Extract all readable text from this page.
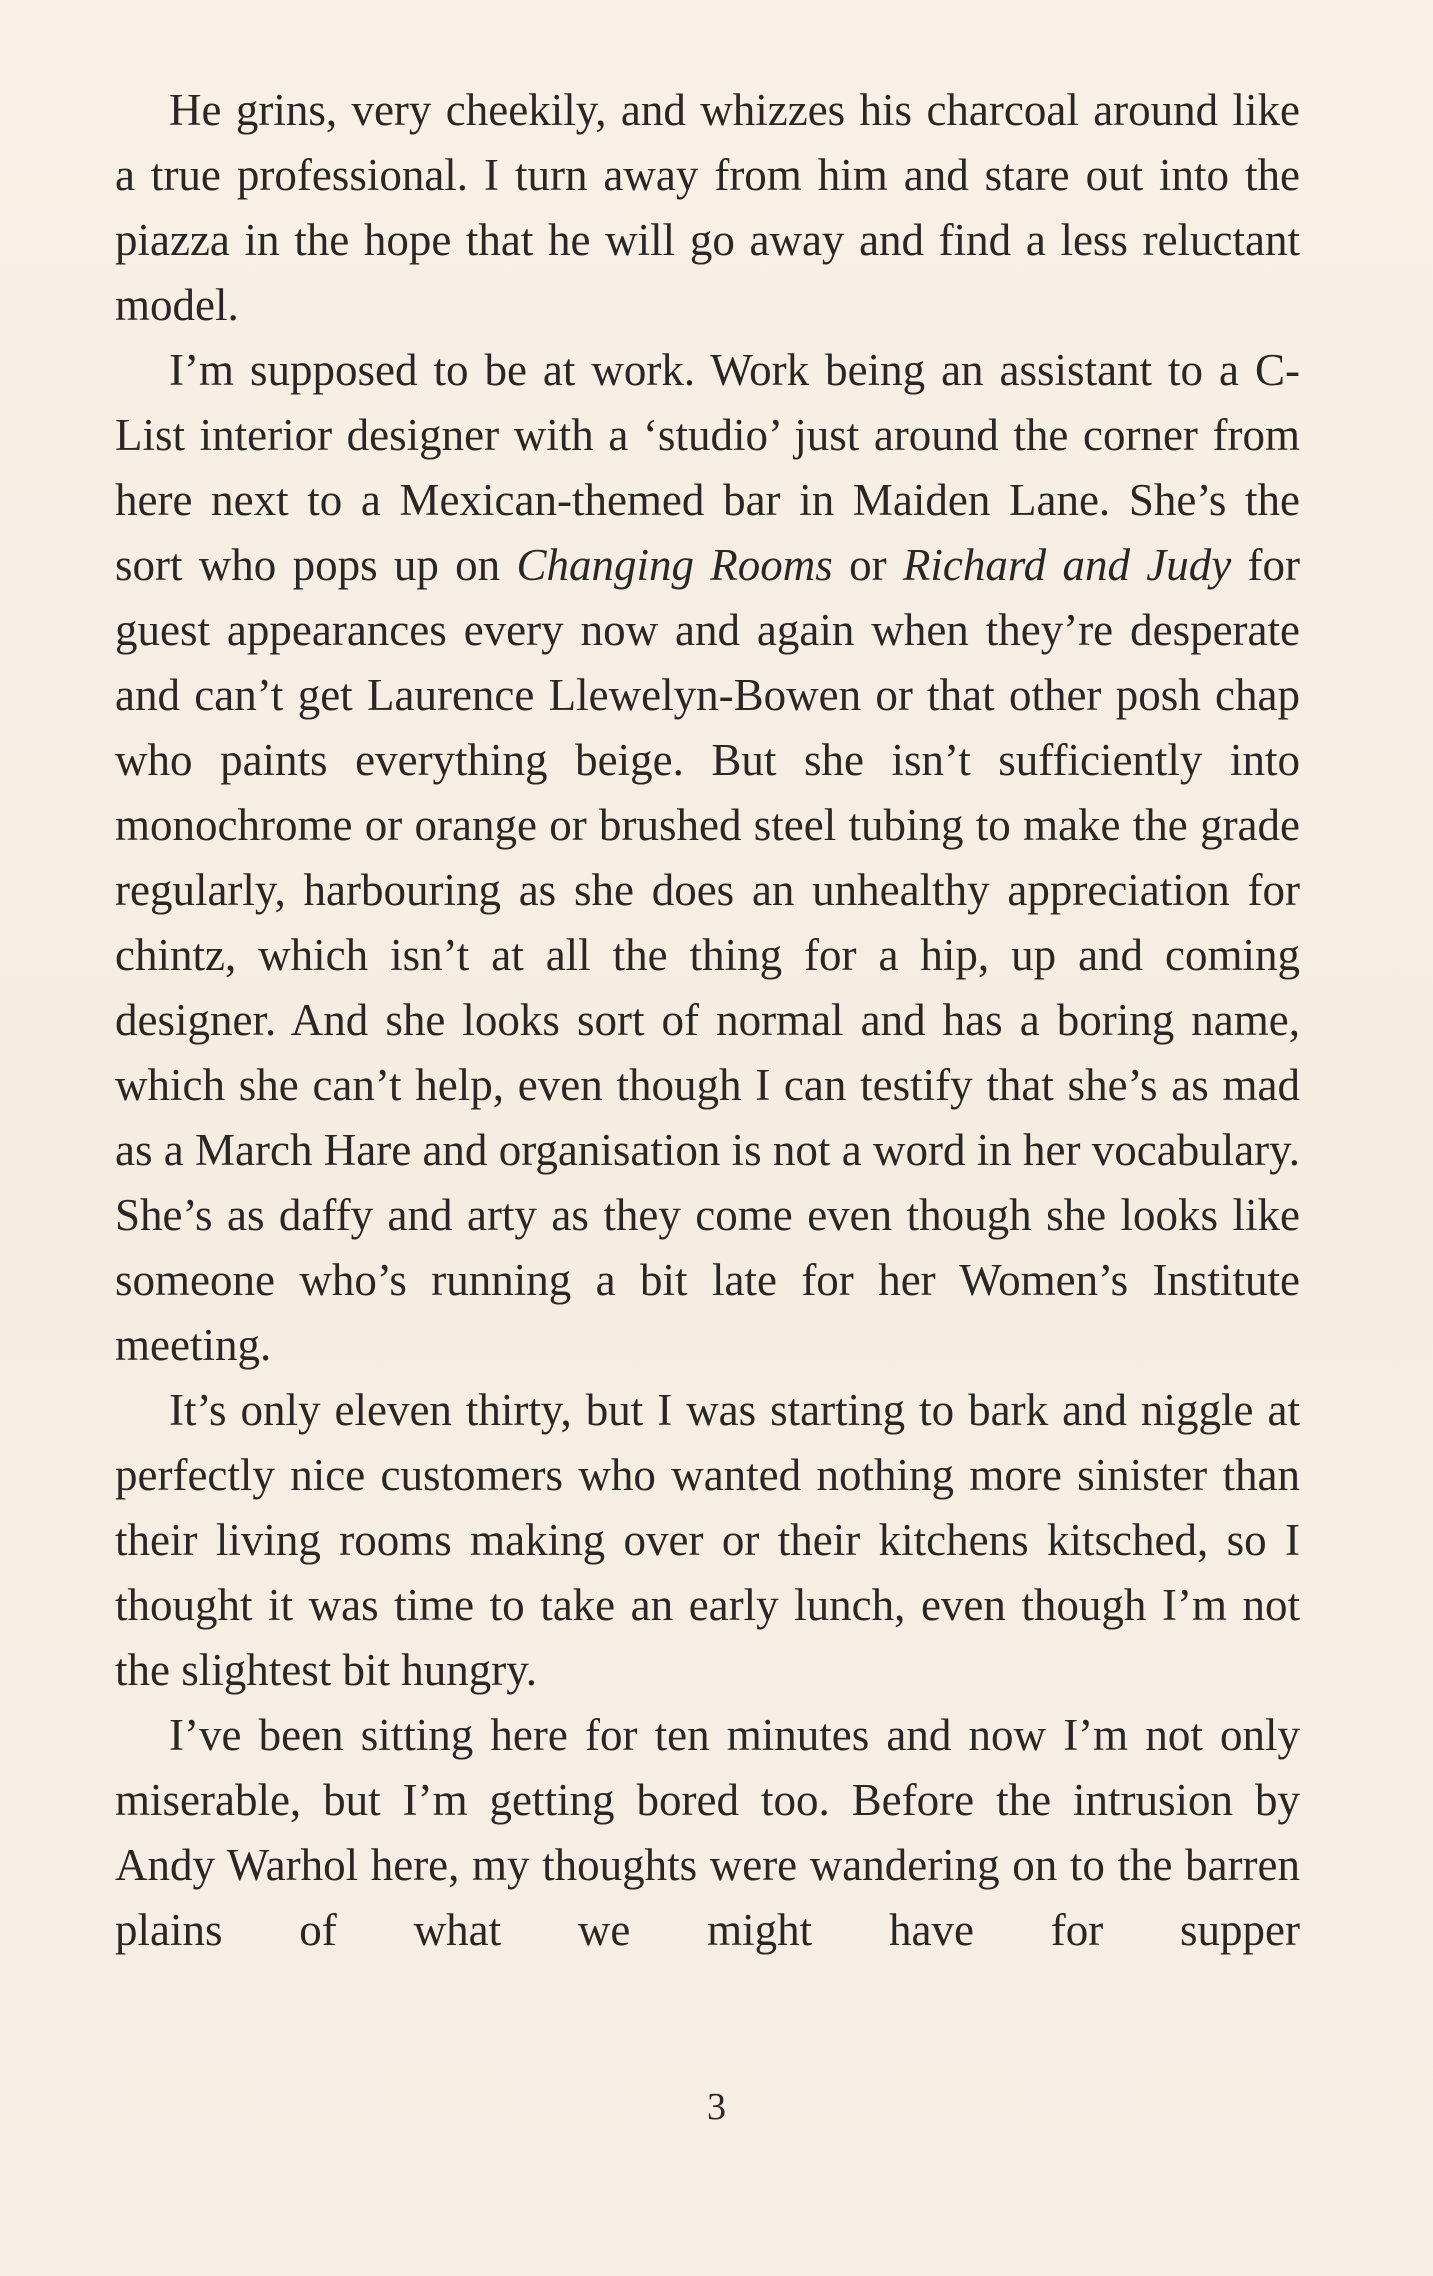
He grins, very cheekily, and whizzes his charcoal around like a true professional. I turn away from him and stare out into the piazza in the hope that he will go away and find a less reluctant model.

I’m supposed to be at work. Work being an assistant to a C-List interior designer with a ‘studio’ just around the corner from here next to a Mexican-themed bar in Maiden Lane. She’s the sort who pops up on Changing Rooms or Richard and Judy for guest appearances every now and again when they’re desperate and can’t get Laurence Llewelyn-Bowen or that other posh chap who paints everything beige. But she isn’t sufficiently into monochrome or orange or brushed steel tubing to make the grade regularly, harbouring as she does an unhealthy appreciation for chintz, which isn’t at all the thing for a hip, up and coming designer. And she looks sort of normal and has a boring name, which she can’t help, even though I can testify that she’s as mad as a March Hare and organisation is not a word in her vocabulary. She’s as daffy and arty as they come even though she looks like someone who’s running a bit late for her Women’s Institute meeting.

It’s only eleven thirty, but I was starting to bark and niggle at perfectly nice customers who wanted nothing more sinister than their living rooms making over or their kitchens kitsched, so I thought it was time to take an early lunch, even though I’m not the slightest bit hungry.

I’ve been sitting here for ten minutes and now I’m not only miserable, but I’m getting bored too. Before the intrusion by Andy Warhol here, my thoughts were wandering on to the barren plains of what we might have for supper

3
